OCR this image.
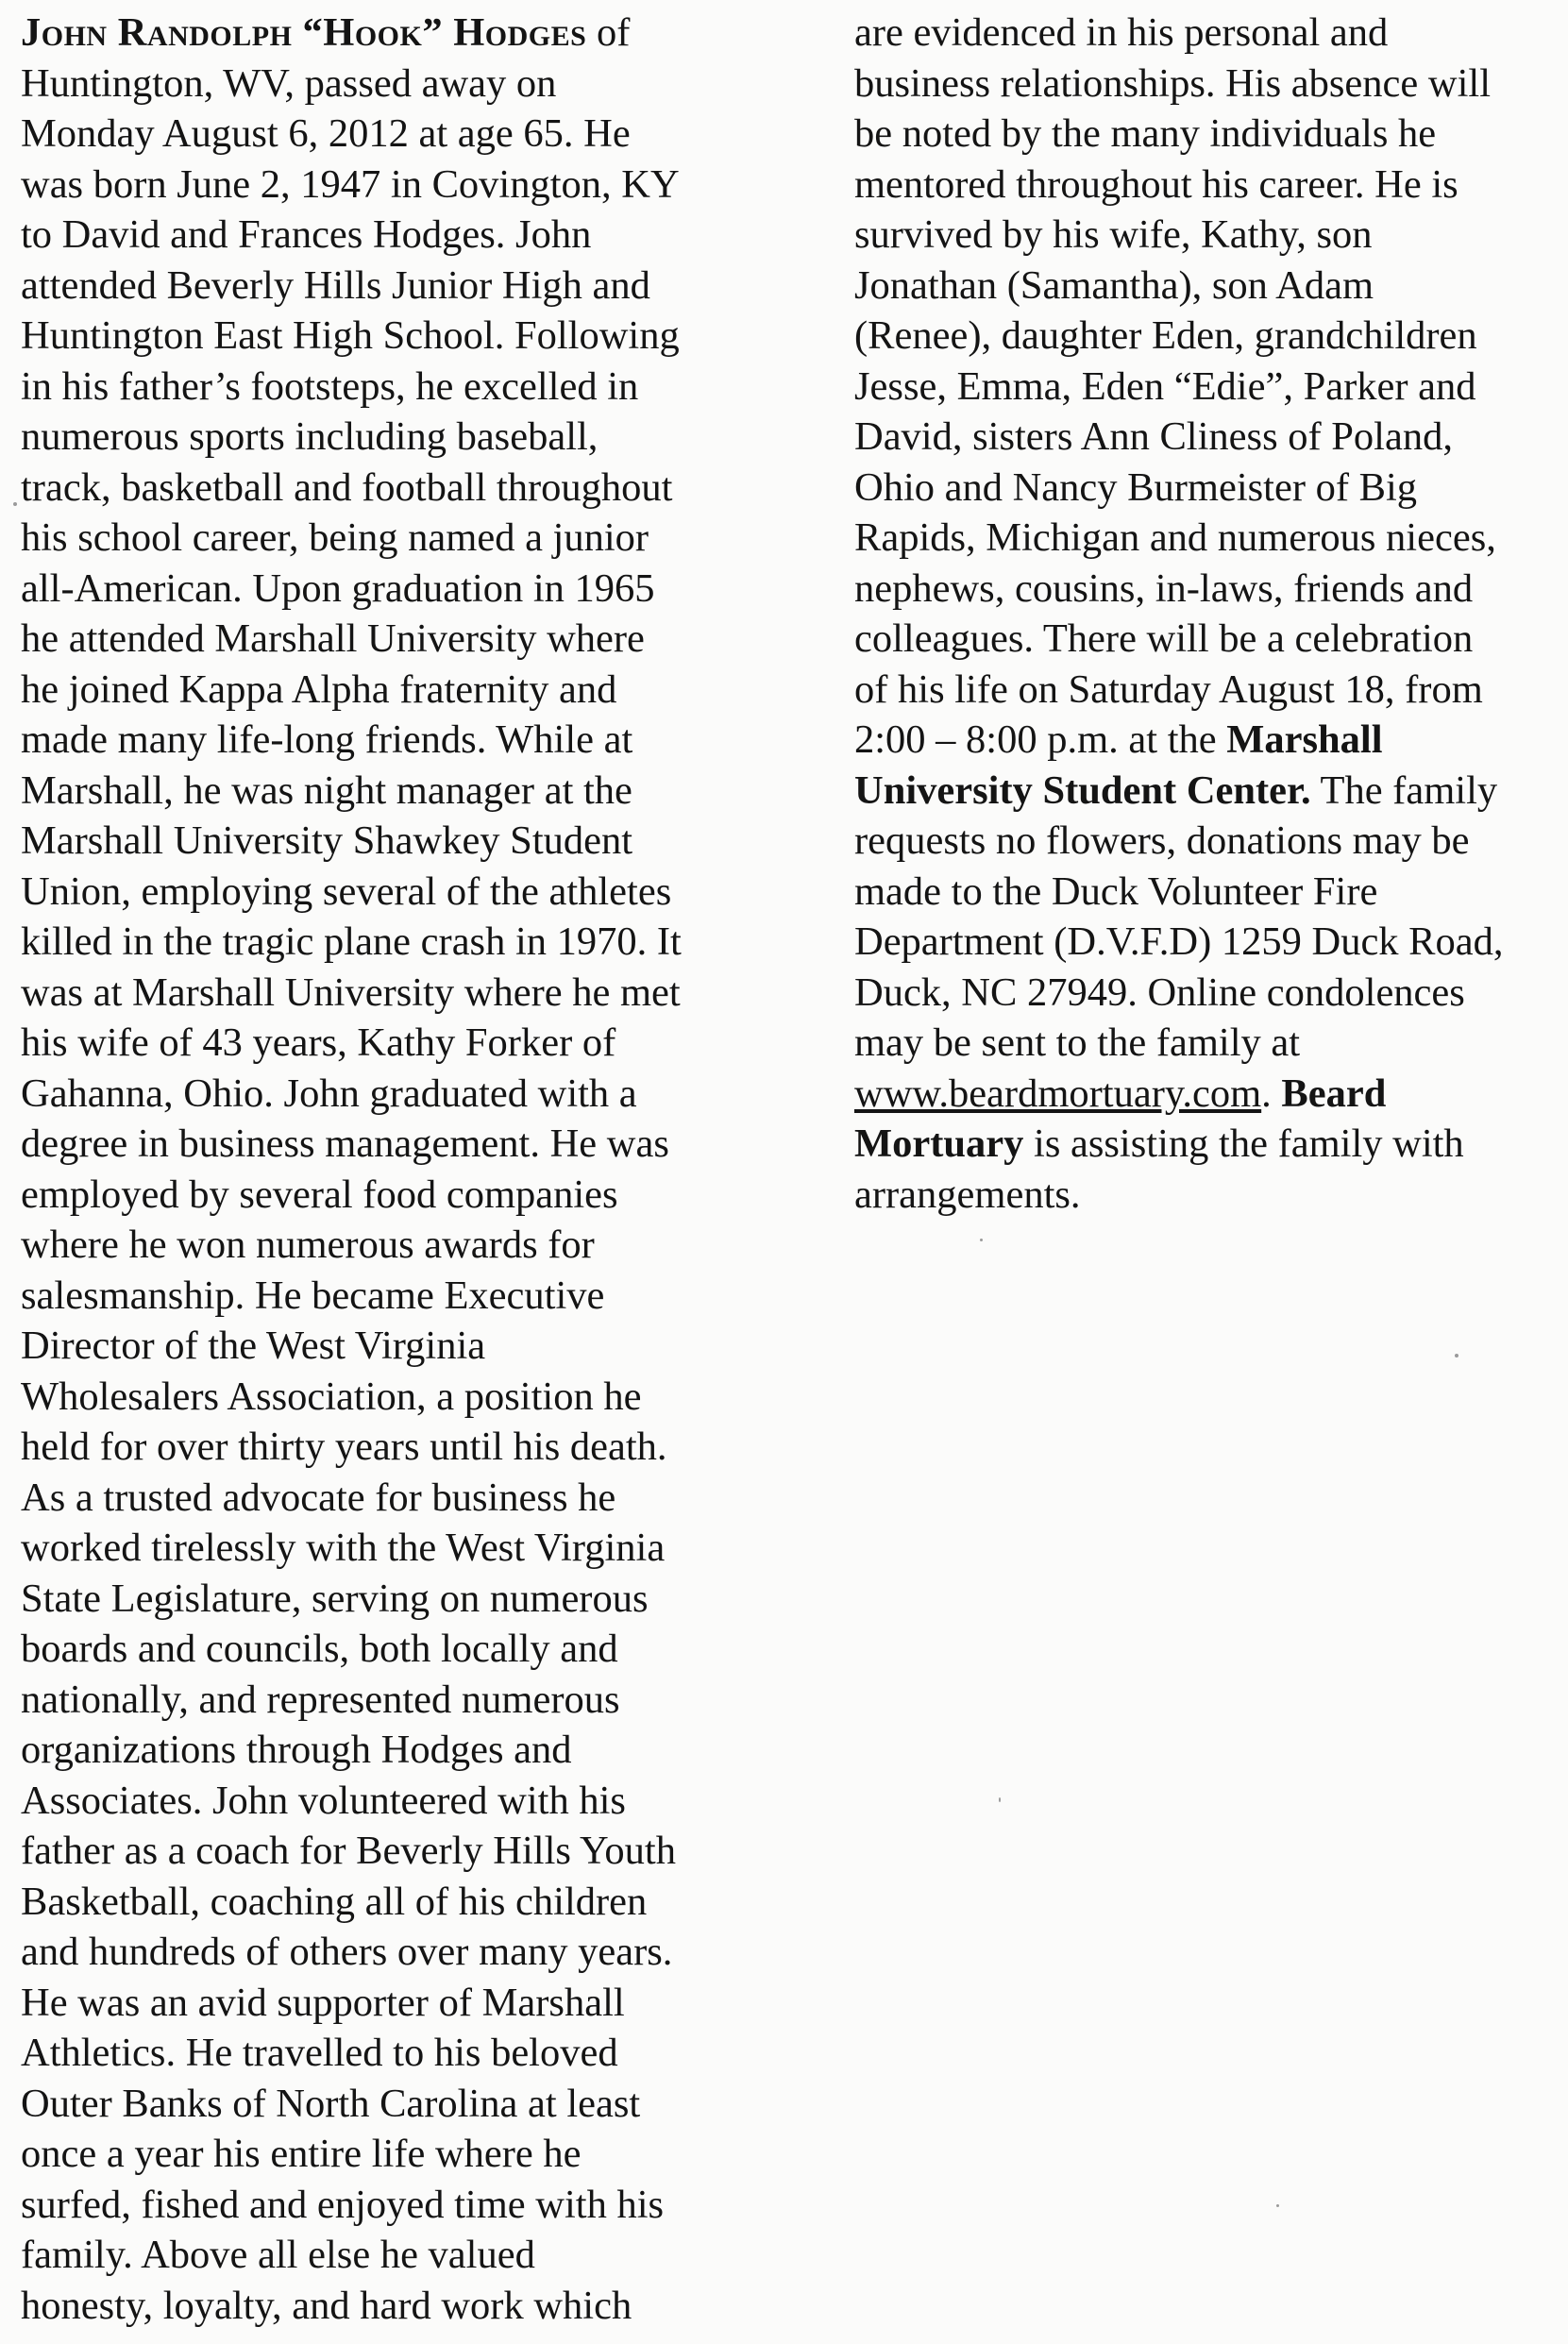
John Randolph “Hook” Hodges of
Huntington, WV, passed away on
Monday August 6, 2012 at age 65. He
was born June 2, 1947 in Covington, KY
to David and Frances Hodges. John
attended Beverly Hills Junior High and
Huntington East High School. Following
in his father’s footsteps, he excelled in
numerous sports including baseball,
track, basketball and football throughout
his school career, being named a junior
all-American. Upon graduation in 1965
he attended Marshall University where
he joined Kappa Alpha fraternity and
made many life-long friends. While at
Marshall, he was night manager at the
Marshall University Shawkey Student
Union, employing several of the athletes
killed in the tragic plane crash in 1970. It
was at Marshall University where he met
his wife of 43 years, Kathy Forker of
Gahanna, Ohio. John graduated with a
degree in business management. He was
employed by several food companies
where he won numerous awards for
salesmanship. He became Executive
Director of the West Virginia
Wholesalers Association, a position he
held for over thirty years until his death.
As a trusted advocate for business he
worked tirelessly with the West Virginia
State Legislature, serving on numerous
boards and councils, both locally and
nationally, and represented numerous
organizations through Hodges and
Associates. John volunteered with his
father as a coach for Beverly Hills Youth
Basketball, coaching all of his children
and hundreds of others over many years.
He was an avid supporter of Marshall
Athletics. He travelled to his beloved
Outer Banks of North Carolina at least
once a year his entire life where he
surfed, fished and enjoyed time with his
family. Above all else he valued
honesty, loyalty, and hard work which
are evidenced in his personal and
business relationships. His absence will
be noted by the many individuals he
mentored throughout his career. He is
survived by his wife, Kathy, son
Jonathan (Samantha), son Adam
(Renee), daughter Eden, grandchildren
Jesse, Emma, Eden “Edie”, Parker and
David, sisters Ann Cliness of Poland,
Ohio and Nancy Burmeister of Big
Rapids, Michigan and numerous nieces,
nephews, cousins, in-laws, friends and
colleagues. There will be a celebration
of his life on Saturday August 18, from
2:00 – 8:00 p.m. at the Marshall
University Student Center. The family
requests no flowers, donations may be
made to the Duck Volunteer Fire
Department (D.V.F.D) 1259 Duck Road,
Duck, NC 27949. Online condolences
may be sent to the family at
www.beardmortuary.com. Beard
Mortuary is assisting the family with
arrangements.
